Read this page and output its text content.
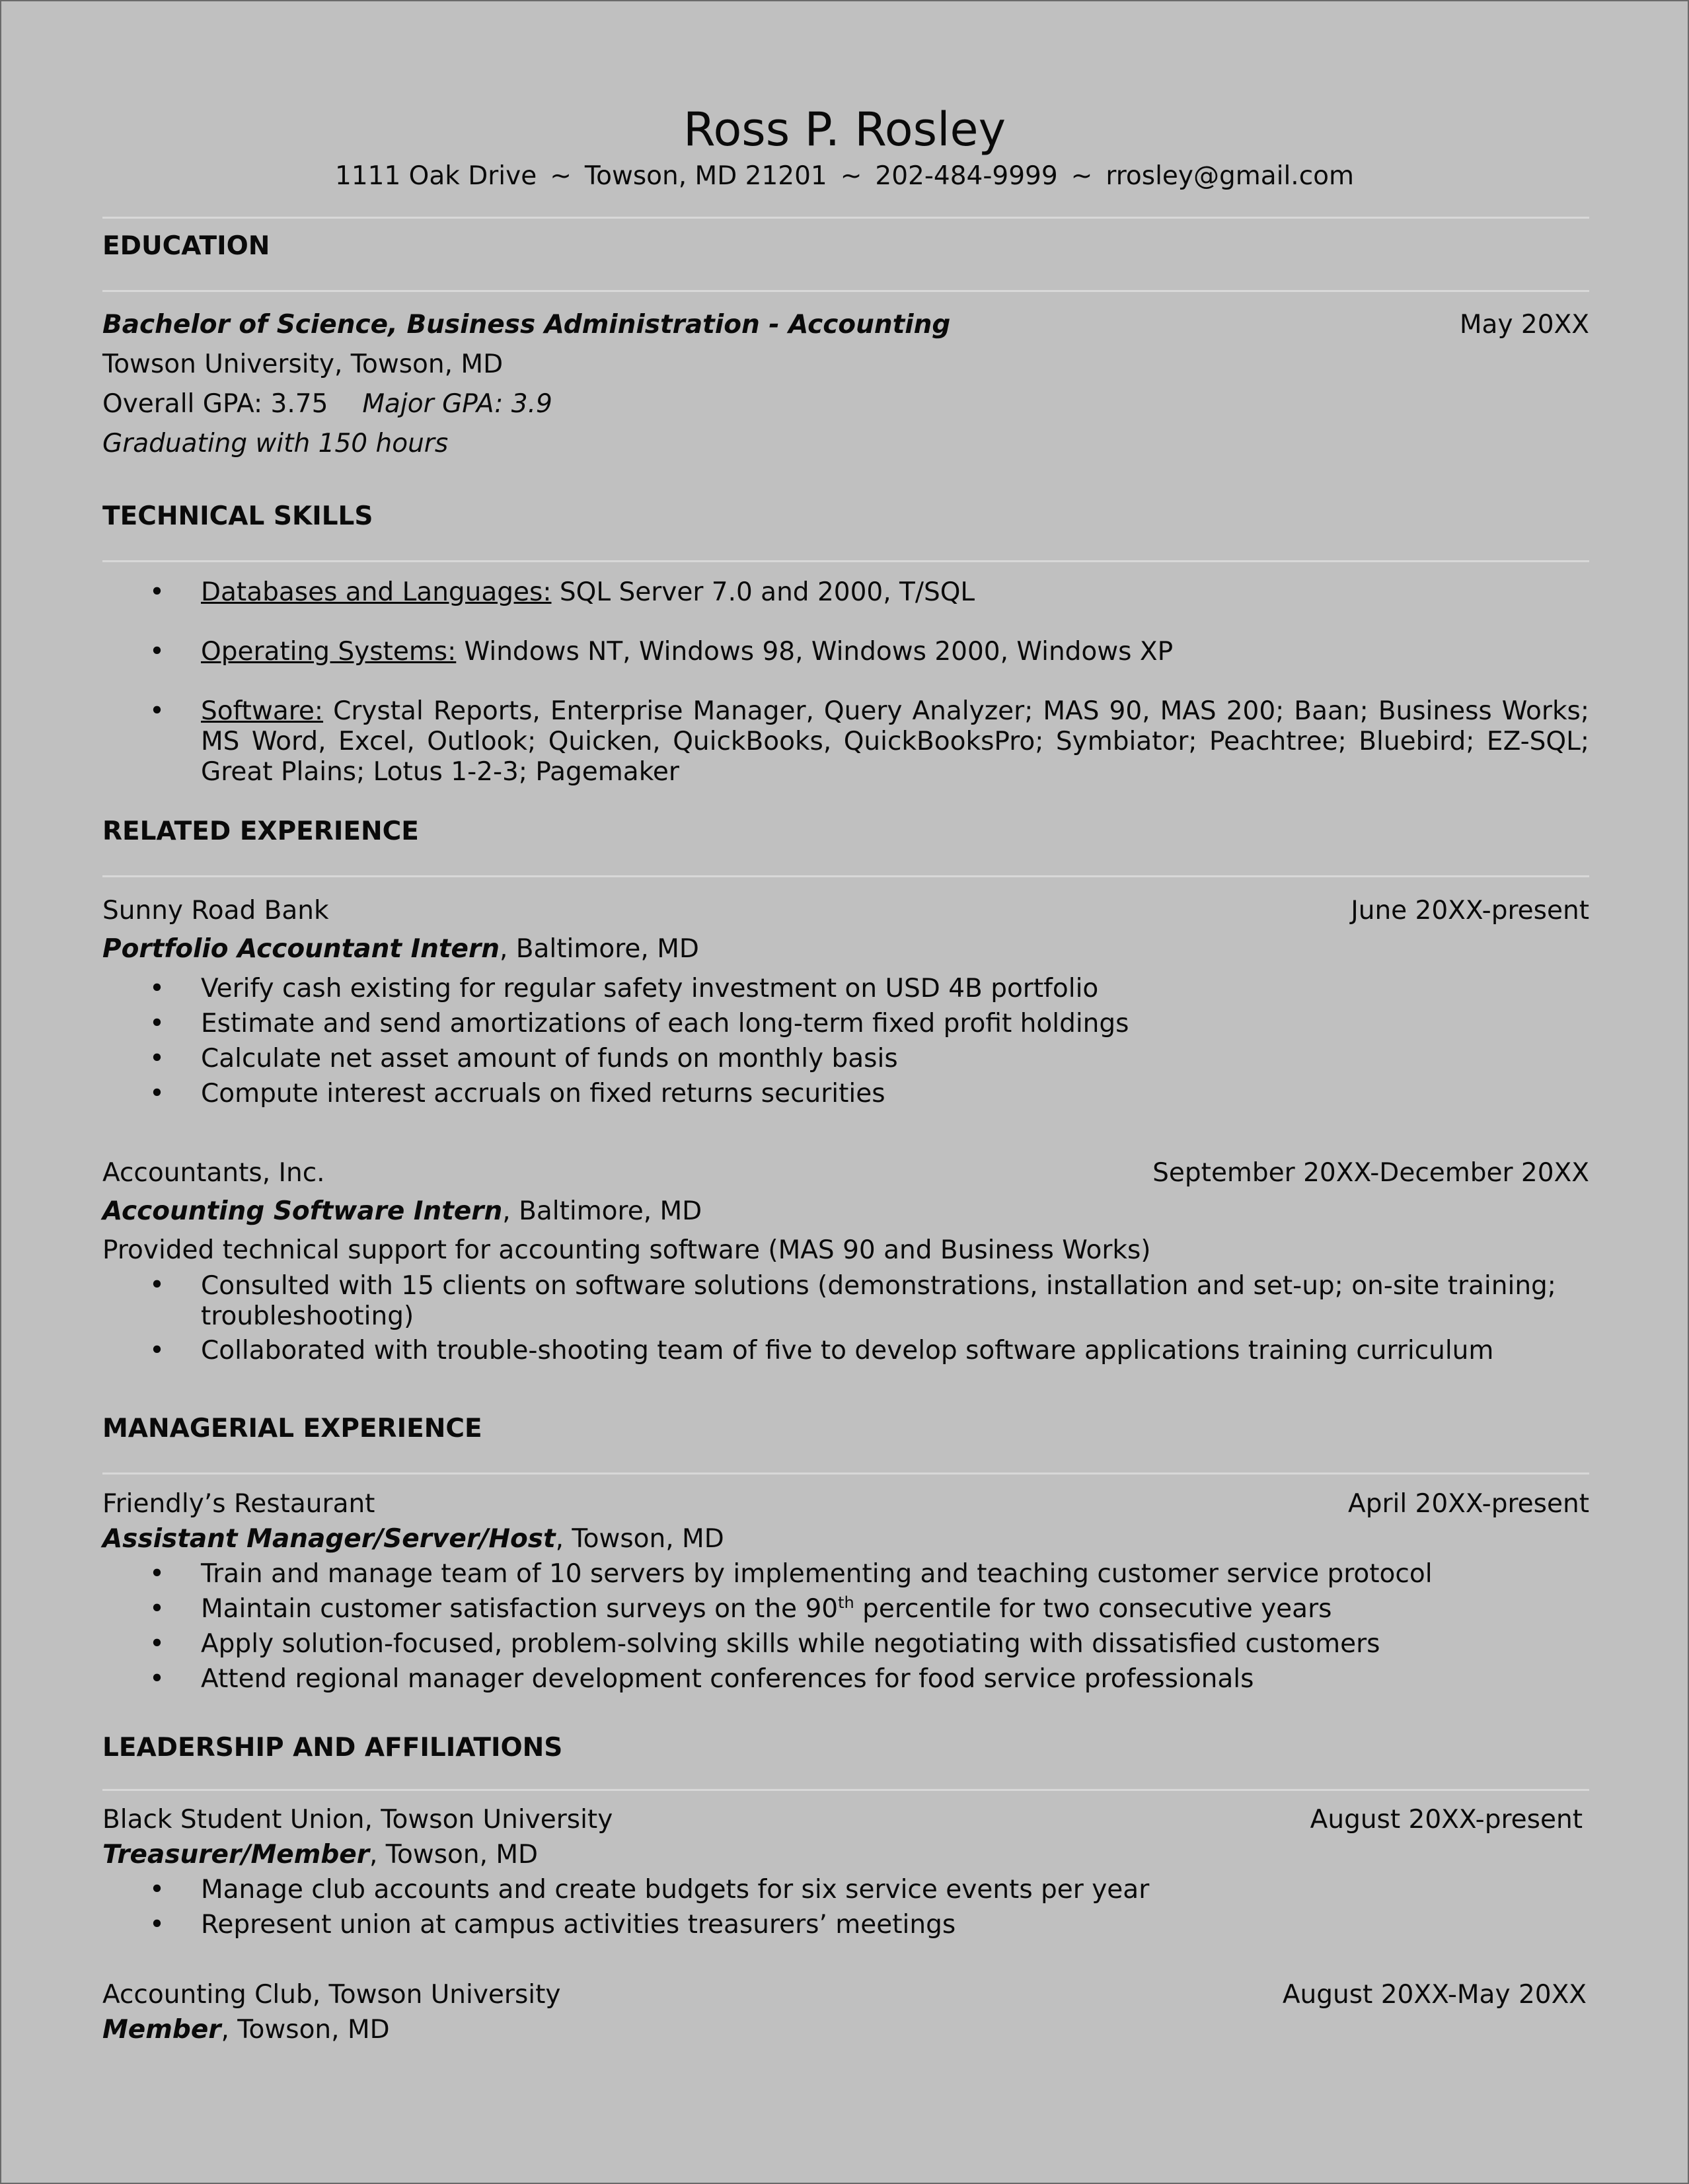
Ross P. Rosley
1111 Oak Drive ~ Towson, MD 21201 ~ 202-484-9999 ~ rrosley@gmail.com
EDUCATION
Bachelor of Science, Business Administration - Accounting	May 20XX
Towson University, Towson, MD
Overall GPA: 3.75 Major GPA: 3.9
Graduating with 150 hours
TECHNICAL SKILLS
• Databases and Languages: SQL Server 7.0 and 2000, T/SQL
• Operating Systems: Windows NT, Windows 98, Windows 2000, Windows XP
• Software: Crystal Reports, Enterprise Manager, Query Analyzer; MAS 90, MAS 200; Baan; Business Works; MS Word, Excel, Outlook; Quicken, QuickBooks, QuickBooksPro; Symbiator; Peachtree; Bluebird; EZ-SQL; Great Plains; Lotus 1-2-3; Pagemaker
RELATED EXPERIENCE
Sunny Road Bank	June 20XX-present
Portfolio Accountant Intern, Baltimore, MD
• Verify cash existing for regular safety investment on USD 4B portfolio
• Estimate and send amortizations of each long-term fixed profit holdings
• Calculate net asset amount of funds on monthly basis
• Compute interest accruals on fixed returns securities
Accountants, Inc.	September 20XX-December 20XX
Accounting Software Intern, Baltimore, MD
Provided technical support for accounting software (MAS 90 and Business Works)
• Consulted with 15 clients on software solutions (demonstrations, installation and set-up; on-site training; troubleshooting)
• Collaborated with trouble-shooting team of five to develop software applications training curriculum
MANAGERIAL EXPERIENCE
Friendly’s Restaurant	April 20XX-present
Assistant Manager/Server/Host, Towson, MD
• Train and manage team of 10 servers by implementing and teaching customer service protocol
• Maintain customer satisfaction surveys on the 90th percentile for two consecutive years
• Apply solution-focused, problem-solving skills while negotiating with dissatisfied customers
• Attend regional manager development conferences for food service professionals
LEADERSHIP AND AFFILIATIONS
Black Student Union, Towson University	August 20XX-present
Treasurer/Member, Towson, MD
• Manage club accounts and create budgets for six service events per year
• Represent union at campus activities treasurers’ meetings
Accounting Club, Towson University	August 20XX-May 20XX
Member, Towson, MD
